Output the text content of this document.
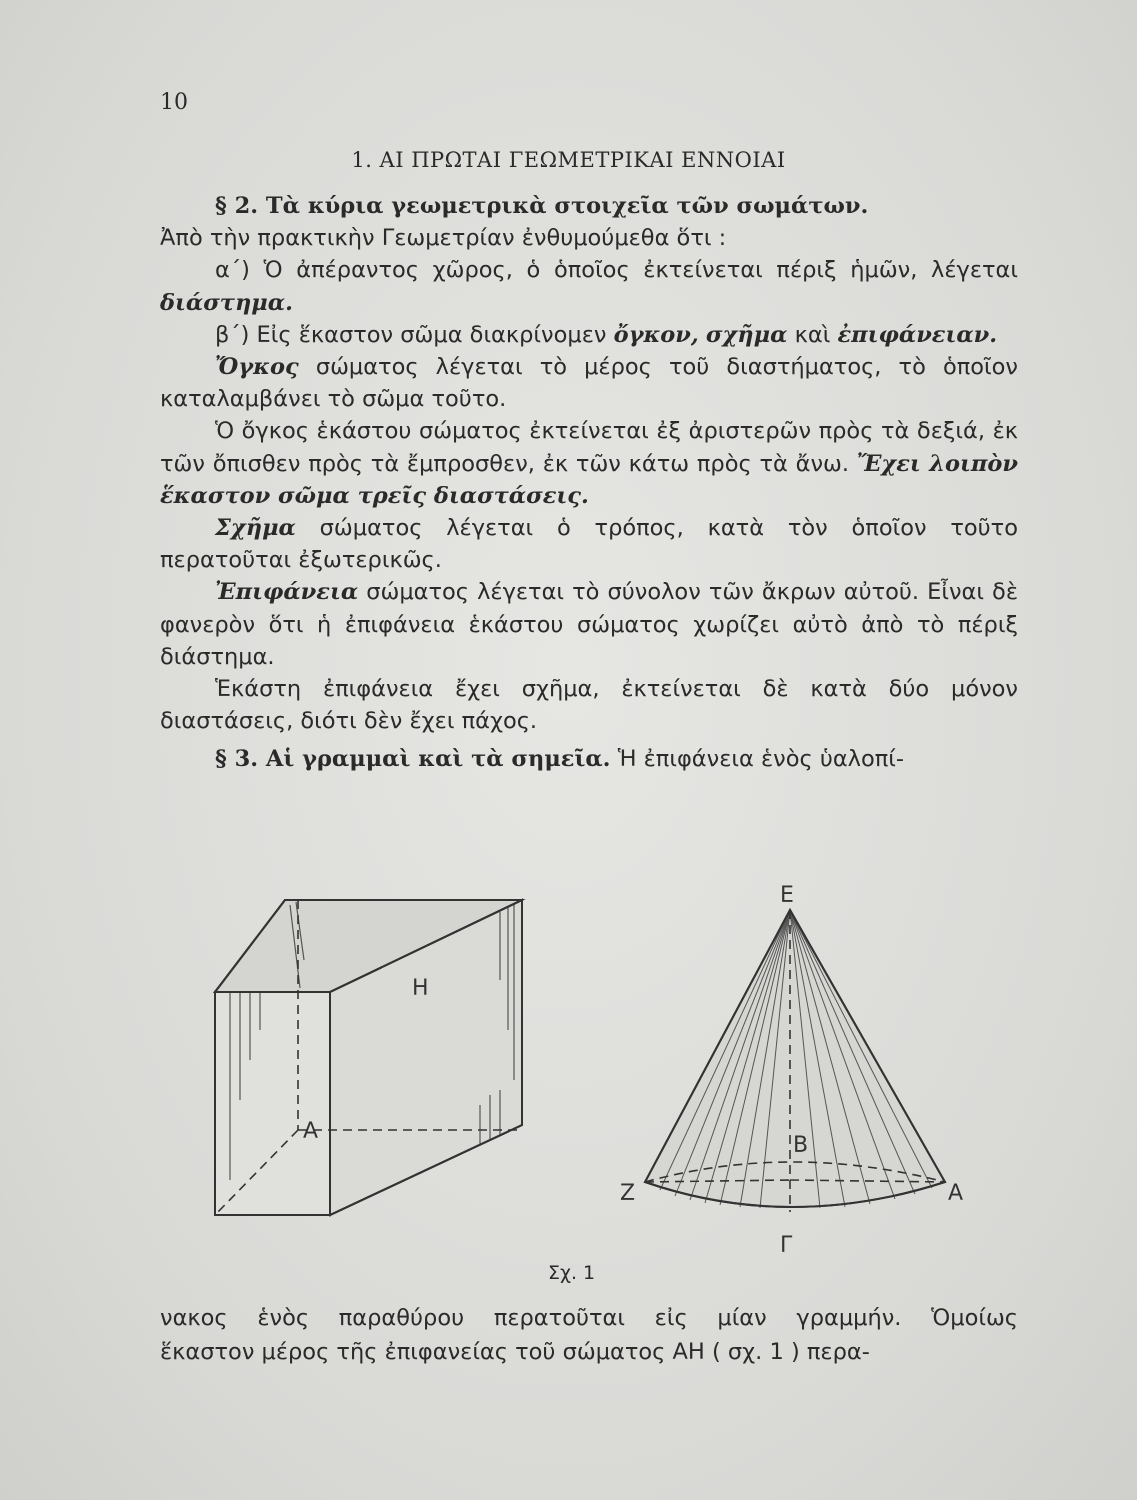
10
1. ΑΙ ΠΡΩΤΑΙ ΓΕΩΜΕΤΡΙΚΑΙ ΕΝΝΟΙΑΙ

§ 2. Τὰ κύρια γεωμετρικὰ στοιχεῖα τῶν σωμάτων.

Ἀπὸ τὴν πρακτικὴν Γεωμετρίαν ἐνθυμούμεθα ὅτι :

α΄) Ὁ ἀπέραντος χῶρος, ὁ ὁποῖος ἐκτείνεται πέριξ ἡμῶν, λέγεται διάστημα.

β΄) Εἰς ἕκαστον σῶμα διακρίνομεν ὄγκον, σχῆμα καὶ ἐπιφάνειαν.

Ὄγκος σώματος λέγεται τὸ μέρος τοῦ διαστήματος, τὸ ὁποῖον καταλαμβάνει τὸ σῶμα τοῦτο.

Ὁ ὄγκος ἑκάστου σώματος ἐκτείνεται ἐξ ἀριστερῶν πρὸς τὰ δεξιά, ἐκ τῶν ὄπισθεν πρὸς τὰ ἔμπροσθεν, ἐκ τῶν κάτω πρὸς τὰ ἄνω. Ἔχει λοιπὸν ἕκαστον σῶμα τρεῖς διαστάσεις.

Σχῆμα σώματος λέγεται ὁ τρόπος, κατὰ τὸν ὁποῖον τοῦτο περατοῦται ἐξωτερικῶς.

Ἐπιφάνεια σώματος λέγεται τὸ σύνολον τῶν ἄκρων αὐτοῦ. Εἶναι δὲ φανερὸν ὅτι ἡ ἐπιφάνεια ἑκάστου σώματος χωρίζει αὐτὸ ἀπὸ τὸ πέριξ διάστημα.

Ἑκάστη ἐπιφάνεια ἔχει σχῆμα, ἐκτείνεται δὲ κατὰ δύο μόνον διαστάσεις, διότι δὲν ἔχει πάχος.

§ 3. Αἱ γραμμαὶ καὶ τὰ σημεῖα. Ἡ ἐπιφάνεια ἑνὸς ὑαλοπί-

Η
Α
Ε
Β
Ζ	Α
Γ
Σχ. 1

νακος ἑνὸς παραθύρου περατοῦται εἰς μίαν γραμμήν. Ὁμοίως

ἕκαστον μέρος τῆς ἐπιφανείας τοῦ σώματος ΑΗ ( σχ. 1 ) περα-
